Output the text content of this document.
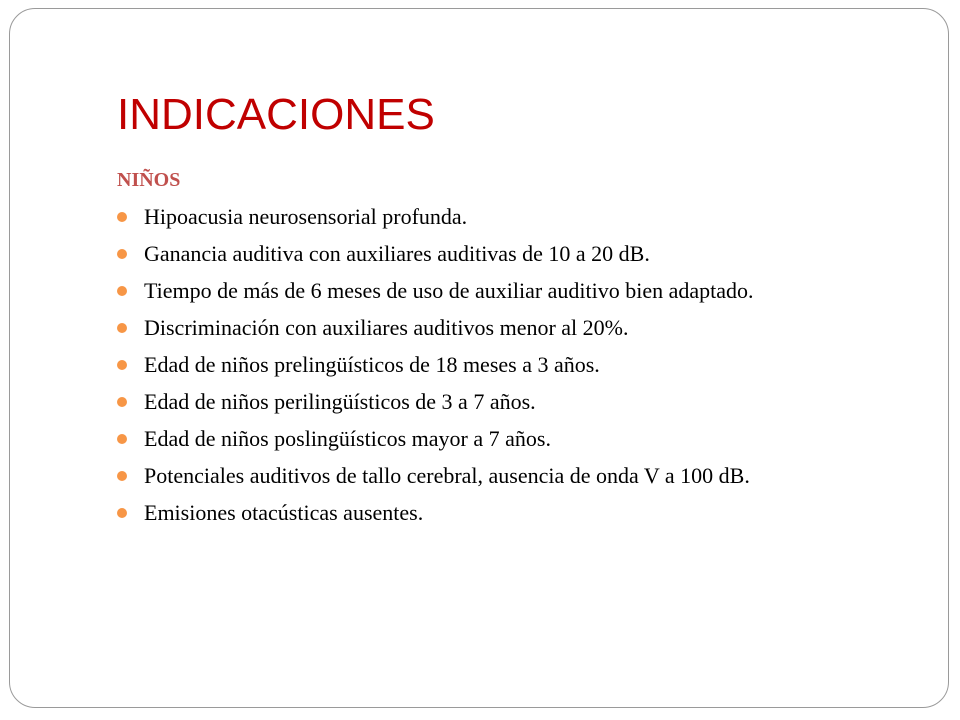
INDICACIONES
NIÑOS
Hipoacusia neurosensorial profunda.
Ganancia auditiva con auxiliares auditivas de 10 a 20 dB.
Tiempo de más de 6 meses de uso de auxiliar auditivo bien adaptado.
Discriminación con auxiliares auditivos menor al 20%.
Edad de niños prelingüísticos de 18 meses a 3 años.
Edad de niños perilingüísticos de 3 a 7 años.
Edad de niños poslingüísticos mayor a 7 años.
Potenciales auditivos de tallo cerebral, ausencia de onda V a 100 dB.
Emisiones otacústicas ausentes.
